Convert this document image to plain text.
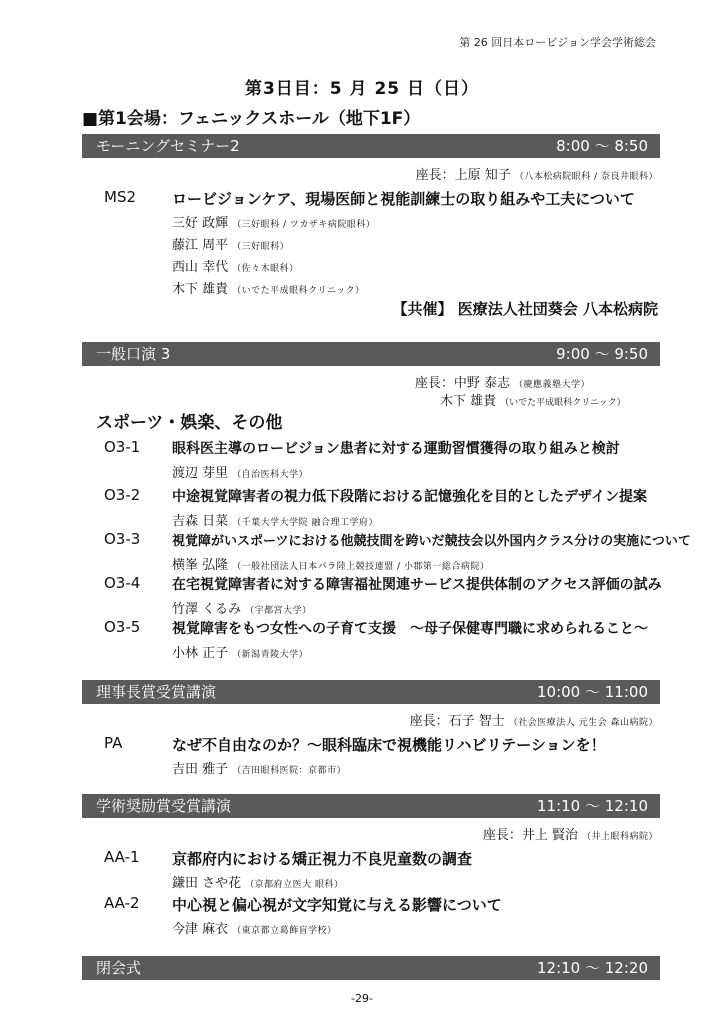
第 26 回日本ロービジョン学会学術総会
第3日目：5 月 25 日（日）
■第1会場：フェニックスホール（地下1F）
モーニングセミナー2	8:00 〜 8:50
座長：上原 知子 （八本松病院眼科 / 奈良井眼科）
MS2 ロービジョンケア、現場医師と視能訓練士の取り組みや工夫について
三好 政輝 （三好眼科 / ツカザキ病院眼科）
藤江 周平 （三好眼科）
西山 幸代 （佐々木眼科）
木下 雄貴 （いでた平成眼科クリニック）
【共催】 医療法人社団葵会 八本松病院
一般口演 3	9:00 〜 9:50
座長：中野 泰志 （慶應義塾大学）
木下 雄貴 （いでた平成眼科クリニック）
スポーツ・娯楽、その他
O3-1 眼科医主導のロービジョン患者に対する運動習慣獲得の取り組みと検討
渡辺 芽里 （自治医科大学）
O3-2 中途視覚障害者の視力低下段階における記憶強化を目的としたデザイン提案
吉森 日菜 （千葉大学大学院 融合理工学府）
O3-3 視覚障がいスポーツにおける他競技間を跨いだ競技会以外国内クラス分けの実施について
横峯 弘隆 （一般社団法人日本パラ陸上競技連盟 / 小郡第一総合病院）
O3-4 在宅視覚障害者に対する障害福祉関連サービス提供体制のアクセス評価の試み
竹澤 くるみ （宇都宮大学）
O3-5 視覚障害をもつ女性への子育て支援　〜母子保健専門職に求められること〜
小林 正子 （新潟青陵大学）
理事長賞受賞講演	10:00 〜 11:00
座長：石子 智士 （社会医療法人 元生会 森山病院）
PA	なぜ不自由なのか？〜眼科臨床で視機能リハビリテーションを！
吉田 雅子 （吉田眼科医院：京都市）
学術奨励賞受賞講演	11:10 〜 12:10
座長：井上 賢治 （井上眼科病院）
AA-1 京都府内における矯正視力不良児童数の調査
鎌田 さや花 （京都府立医大 眼科）
AA-2 中心視と偏心視が文字知覚に与える影響について
今津 麻衣 （東京都立葛飾盲学校）
閉会式	12:10 〜 12:20
-29-
